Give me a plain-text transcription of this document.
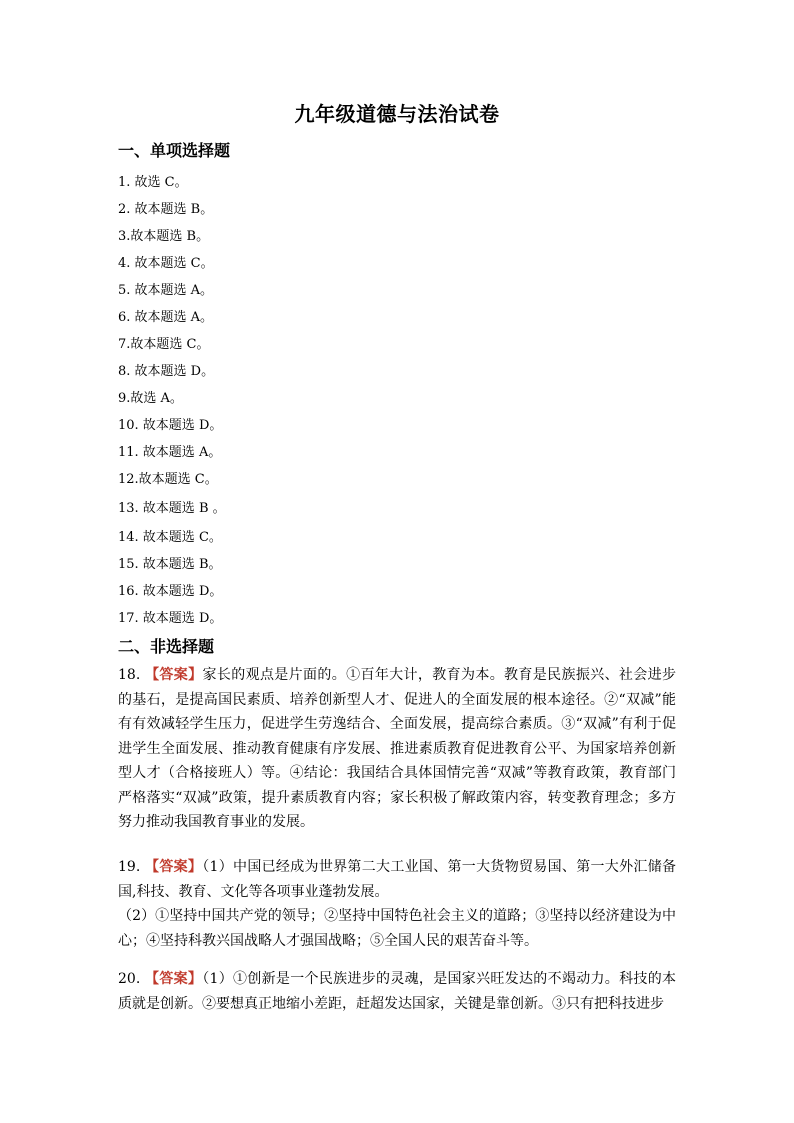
九年级道德与法治试卷
一、单项选择题
1. 故选 C。
2. 故本题选 B。
3.故本题选 B。
4. 故本题选 C。
5. 故本题选 A。
6. 故本题选 A。
7.故本题选 C。
8. 故本题选 D。
9.故选 A。
10. 故本题选 D。
11. 故本题选 A。
12.故本题选 C。
13. 故本题选 B 。
14. 故本题选 C。
15. 故本题选 B。
16. 故本题选 D。
17. 故本题选 D。
二、非选择题
18. 【答案】家长的观点是片面的。①百年大计，教育为本。教育是民族振兴、社会进步的基石，是提高国民素质、培养创新型人才、促进人的全面发展的根本途径。②“双减”能有有效减轻学生压力，促进学生劳逸结合、全面发展，提高综合素质。③“双减”有利于促进学生全面发展、推动教育健康有序发展、推进素质教育促进教育公平、为国家培养创新型人才（合格接班人）等。④结论：我国结合具体国情完善“双减”等教育政策，教育部门严格落实“双减”政策，提升素质教育内容；家长积极了解政策内容，转变教育理念；多方努力推动我国教育事业的发展。
19. 【答案】（1）中国已经成为世界第二大工业国、第一大货物贸易国、第一大外汇储备国,科技、教育、文化等各项事业蓬勃发展。
（2）①坚持中国共产党的领导；②坚持中国特色社会主义的道路；③坚持以经济建设为中心；④坚持科教兴国战略人才强国战略；⑤全国人民的艰苦奋斗等。
20. 【答案】（1）①创新是一个民族进步的灵魂，是国家兴旺发达的不竭动力。科技的本质就是创新。②要想真正地缩小差距，赶超发达国家，关键是靠创新。③只有把科技进步
